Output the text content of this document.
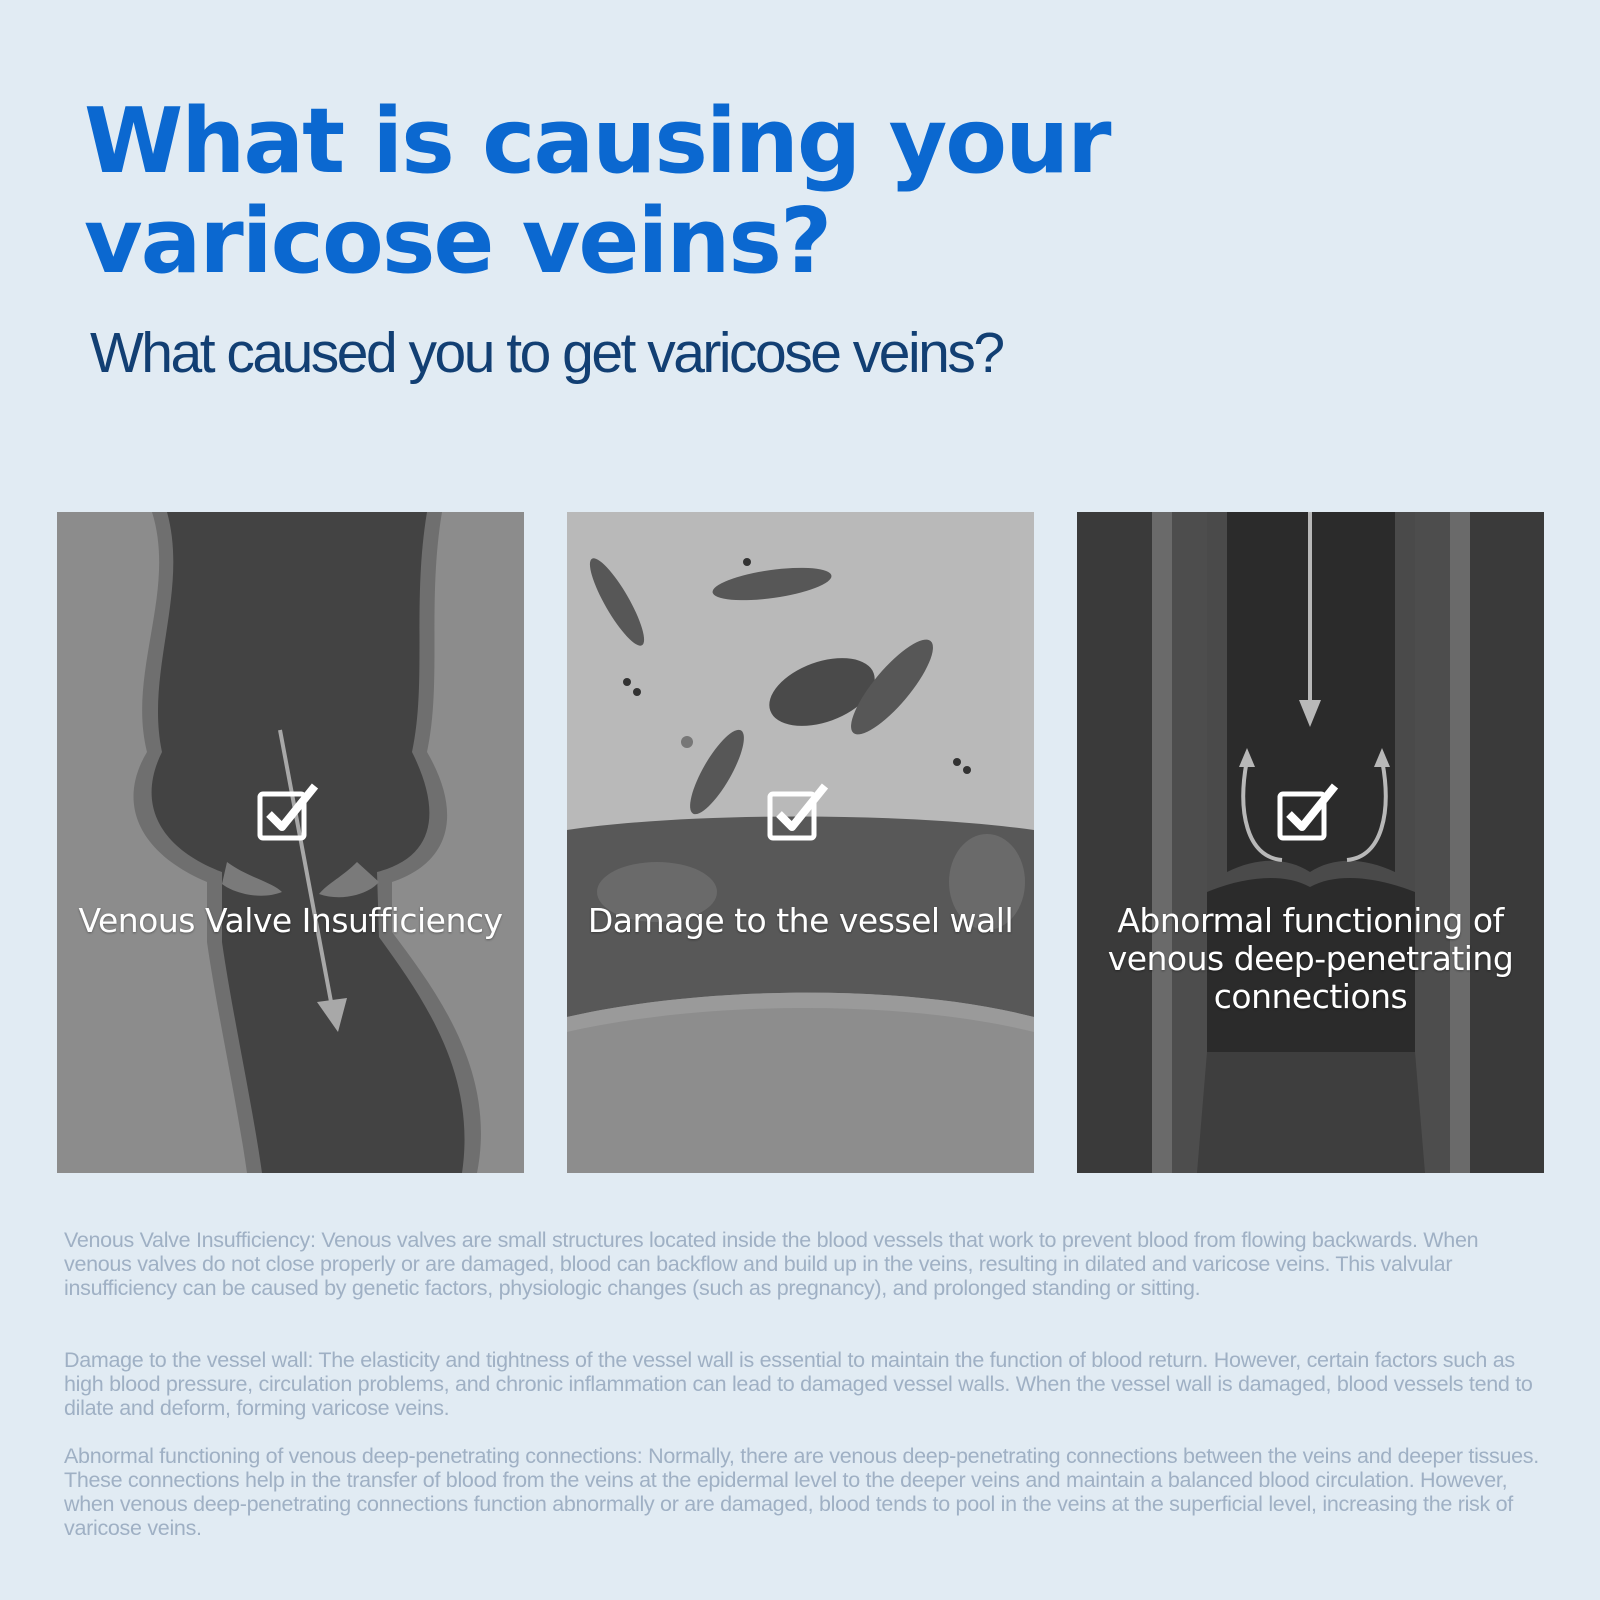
What is causing your
varicose veins?
What caused you to get varicose veins?
Venous Valve Insufficiency	Damage to the vessel wall	Abnormal functioning of venous deep-penetrating connections

Venous Valve Insufficiency: Venous valves are small structures located inside the blood vessels that work to prevent blood from flowing backwards. When venous valves do not close properly or are damaged, blood can backflow and build up in the veins, resulting in dilated and varicose veins. This valvular insufficiency can be caused by genetic factors, physiologic changes (such as pregnancy), and prolonged standing or sitting.

Damage to the vessel wall: The elasticity and tightness of the vessel wall is essential to maintain the function of blood return. However, certain factors such as high blood pressure, circulation problems, and chronic inflammation can lead to damaged vessel walls. When the vessel wall is damaged, blood vessels tend to dilate and deform, forming varicose veins.

Abnormal functioning of venous deep-penetrating connections: Normally, there are venous deep-penetrating connections between the veins and deeper tissues. These connections help in the transfer of blood from the veins at the epidermal level to the deeper veins and maintain a balanced blood circulation. However, when venous deep-penetrating connections function abnormally or are damaged, blood tends to pool in the veins at the superficial level, increasing the risk of varicose veins.
